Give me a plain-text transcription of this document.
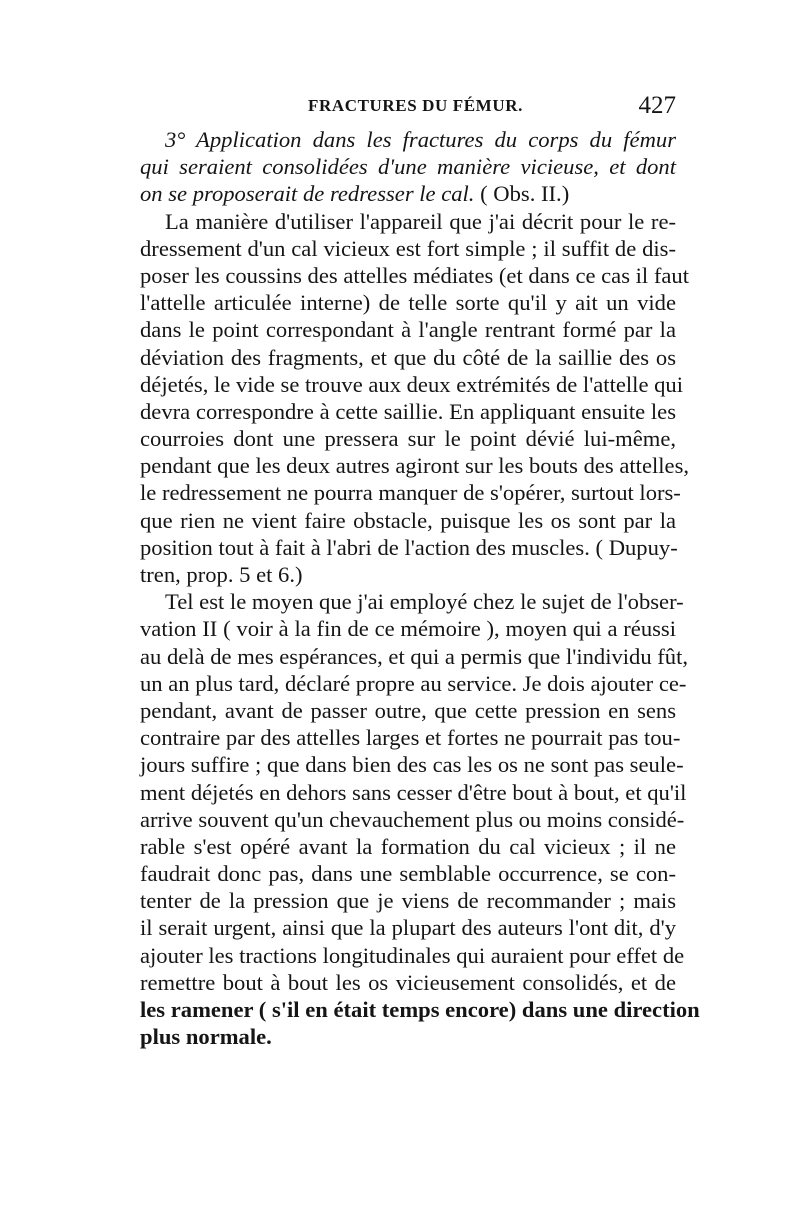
FRACTURES DU FÉMUR.	427
3° Application dans les fractures du corps du fémur
qui seraient consolidées d'une manière vicieuse, et dont
on se proposerait de redresser le cal. ( Obs. II.)
La manière d'utiliser l'appareil que j'ai décrit pour le re-
dressement d'un cal vicieux est fort simple ; il suffit de dis-
poser les coussins des attelles médiates (et dans ce cas il faut
l'attelle articulée interne) de telle sorte qu'il y ait un vide
dans le point correspondant à l'angle rentrant formé par la
déviation des fragments, et que du côté de la saillie des os
déjetés, le vide se trouve aux deux extrémités de l'attelle qui
devra correspondre à cette saillie. En appliquant ensuite les
courroies dont une pressera sur le point dévié lui-même,
pendant que les deux autres agiront sur les bouts des attelles,
le redressement ne pourra manquer de s'opérer, surtout lors-
que rien ne vient faire obstacle, puisque les os sont par la
position tout à fait à l'abri de l'action des muscles. ( Dupuy-
tren, prop. 5 et 6.)
Tel est le moyen que j'ai employé chez le sujet de l'obser-
vation II ( voir à la fin de ce mémoire ), moyen qui a réussi
au delà de mes espérances, et qui a permis que l'individu fût,
un an plus tard, déclaré propre au service. Je dois ajouter ce-
pendant, avant de passer outre, que cette pression en sens
contraire par des attelles larges et fortes ne pourrait pas tou-
jours suffire ; que dans bien des cas les os ne sont pas seule-
ment déjetés en dehors sans cesser d'être bout à bout, et qu'il
arrive souvent qu'un chevauchement plus ou moins considé-
rable s'est opéré avant la formation du cal vicieux ; il ne
faudrait donc pas, dans une semblable occurrence, se con-
tenter de la pression que je viens de recommander ; mais
il serait urgent, ainsi que la plupart des auteurs l'ont dit, d'y
ajouter les tractions longitudinales qui auraient pour effet de
remettre bout à bout les os vicieusement consolidés, et de
les ramener ( s'il en était temps encore) dans une direction
plus normale.
